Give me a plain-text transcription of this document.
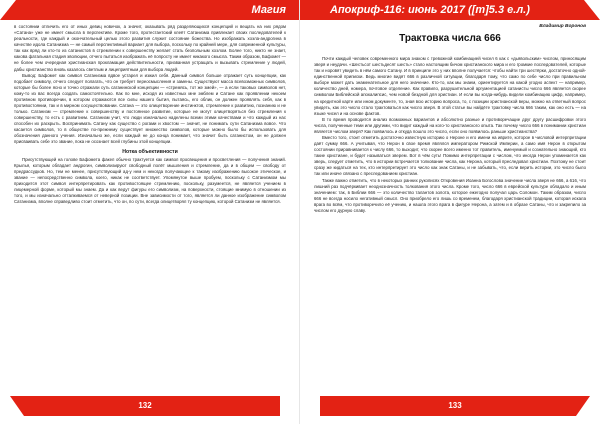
Магия

в состоянии отличить его от иных девиц новичок, а значит, оказывать ряд разделяющихся концепций и вещать на них рядом «Сатана» уже не имеет смысла в перспективе. Кроме того, протестантский клеёт Сатанизма привлекает своих последователей к реальности, где каждый и окончательный целью этого развития служит состояние божества. Но изображать хоэла-андрогина в качестве идола Сатанизма — не самый перспективный вариант для выбора, поскольку по крайней мере, для современной культуры, так как вряд ли кто-то из сатанистов в стремлении к совершенству желает стать безпольным хоэлом. Более того, никто не знает, какова фатальная стадия эволюции, отчего пытаться изображать её попросту не имеет никакого смысла. Таким образом, Бафомет — не более чем очередная христианская прокламация действительности, призванная устращать и вызывать стремление у людей, дабы христианство вновь казалось светлым и лицеприятным для выбора людей.

Вывод: Бафомет как символ Сатанизма вдвое устарел и изжил себя. Данный символ больше отражает суть концепции, как подобает символу, отчего следует полагать, что он требует переосмысления и замены. Существуют масса всевозможных символов, которые бы более ясно и точно отражали суть сатанинской концепции — «стремясь, тот же змей», — а если таковых символов нет, кому-то из вас всегда создать самостоятельно. Как по мне, исходя из известных мне эмблем и Сатане как проявлении некоем противном противоречии, в котором отражаются все силы нашего бытия, пытаясь, его облик, он должен проявлять себя, как в противостоянии, так и в мирном сосуществовании. Сатана — это олицетворение инстинктов, стремление к развитию, познанию и не только. Сатанизм — стремление к совершенству и постоянное развитие, которые не могут олицетворяться без стремления к совершенству, то есть с развитием. Сатанизм учит, что люди изначально наделены всеми этими качествами и что каждый из нас способен их раскрыть. Воспринимать Сатану как существо с рогами и хвостом — значит, не понимать сути Сатанизма вовсе. Что касается символов, то в обществе по-прежнему существует множество символов, которые можно было бы использовать для обозначения данного учения. Изначально же, если каждый не до конца понимает, что значит быть сатанистом, он не должен присваивать себе это звание, пока не осознает всей глубины этой концепции.

Нотка объективности

Присутствующей на голове Бафомета факел обычно трактуется как символ просвещения и просветления — получения знаний. Крылья, которым обладает андрогин, символизируют свободный полёт мышления и стремление, да и в общем — свободу от предрассудков. Но, тем не менее, присутствующий ад-у нем и некогда получающее к такому изображению высокое этическое, и звание — непосредственно символа, коего, никак не соответствует. Упомянутое выше пробуем, поскольку с Сатанизмом мы приходится этот символ интерпретировать как противостоящее стремлению, поскольку, разумеется, не является учением в лицемерной форме, который мы знаем. Да и как ведут фигуры его символизм, на поверхности, стоящие мнимую в отношении из того, и мы изначально отталкиваемся от неверной позиции. Вне зависимости от того, является ли данное изображение символом Сатанизма, вполне справедливо стоит отметить, что он, по сути, всегда олицетворял ту концепцию, которой Сатанизм не является.

132
Апокриф-116: июнь 2017 ([т]5.3 е.л.)
Владимир Воронов
Трактовка числа 666

Почти каждый человек современного мира знаком с тревожной комбинацией чисел 6 как с «дьявольским» числом, приносящим зверя и неудачи. «Шестьсот шестьдесят шесть» стало настоящим бичом христианского мира и его громкие последователей, которые так и норовят увидеть в нём самого Сатану. И в принципе это у них вполне получается: чтобы найти три шестёрки, достаточно одной-единственной приписки. Ведь многие видят 666 в различной ситуации, благодаря тому, что само по себе число при правильном выборе может дать знаменательное для него значение. Кто-то, как мы знаем, ориентируется на какой угодно аспект — например, количество дней, номера, почтовое отделение. Как правило, разрушительной аргументацией сатанисты число 666 является скорее символом Библейской апокалипсис, чем новой бездной для христиан. И если вы когда-нибудь видели комбинацию цифр, например, на кредитной карте или ином документе, то, зная всю историю вопроса, то, с позиции христианской веры, можно на ответный вопрос увидеть, как это число стало трактоваться как число зверя. В этой статье вы найдёте трактовку числа 666 таким, как оно есть — на языке чисел и на основе фактов.

В то время проводится анализ возможных вариантов и абсолютно разные и противоречащие друг другу расшифровки этого числа, полученные теми или другими, что видит каждый на кого-то христианского опыта. Так почему число 666 в понимании христиан является числом зверя? Как появилось и откуда пошло это число, если оно появилось раньше христианства?

Вместо того, стоит отметить достаточно известную историю о Нероне и его имени на иврите, которое в числовой интерпретации даёт сумму 666. А учитывая, что Нерон в свое время являлся императором Римской Империи, а само имя Нерон в открытом состоянии приравнивается к числу 666, то выходит, что скорее всего именно тот правитель, именуемый и сознательно знающий, кто такие христиане, и будет называться зверем. Вот в чём суть! Помимо интерпретации с числом, что иногда Нерон упоминается как зверь, следует отметить, что в истории встречается толкование числа, как Нерона, который преследовал христиан. Поэтому не стоит сразу же кидаться на тех, кто интерпретирует это число как знак Сатаны, и не забывать, что, если верить истории, это число было так или иначе связано с преследованием христиан.

Также важно отметить, что в некоторых ранних рукописях Откровения Иоанна Богослова значение числа зверя не 666, а 616, что лишний раз подчёркивает неоднозначность толкования этого числа. Кроме того, число 666 в еврейской культуре обладало и иным значением: так, в Библии 666 — это количество талантов золота, которое ежегодно получал царь Соломон. Таким образом, число 666 не всегда носило негативный смысл. Оно приобрело его лишь со временем, благодаря христианской традиции, которая искала врага во всём, что противоречило её учению, и нашла этого врага в фигуре Нерона, а затем и в образе Сатаны, что и закрепило за числом его дурную славу.

133
